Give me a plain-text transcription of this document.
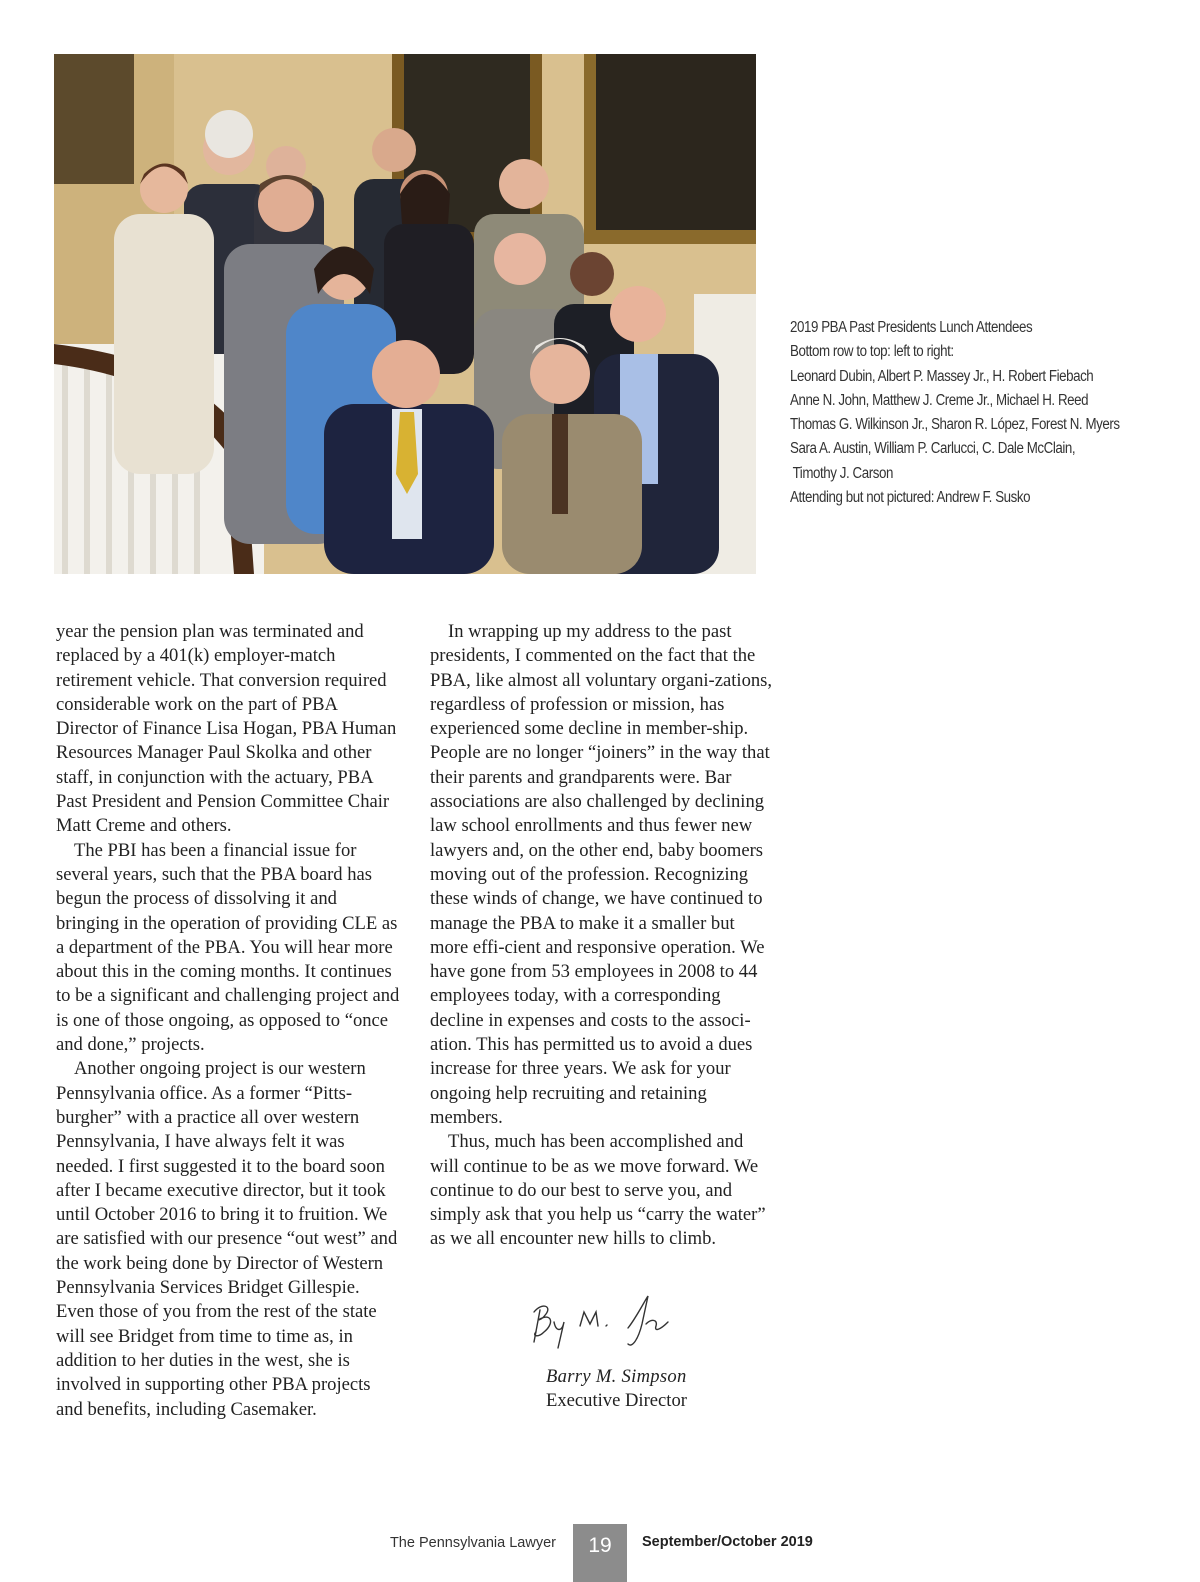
2019 PBA Past Presidents Lunch Attendees
Bottom row to top: left to right:
Leonard Dubin, Albert P. Massey Jr., H. Robert Fiebach
Anne N. John, Matthew J. Creme Jr., Michael H. Reed
Thomas G. Wilkinson Jr., Sharon R. López, Forest N. Myers
Sara A. Austin, William P. Carlucci, C. Dale McClain,
Timothy J. Carson
Attending but not pictured: Andrew F. Susko

year the pension plan was terminated and replaced by a 401(k) employer-match retirement vehicle. That conversion required considerable work on the part of PBA Director of Finance Lisa Hogan, PBA Human Resources Manager Paul Skolka and other staff, in conjunction with the actuary, PBA Past President and Pension Committee Chair Matt Creme and others.

The PBI has been a financial issue for several years, such that the PBA board has begun the process of dissolving it and bringing in the operation of providing CLE as a department of the PBA. You will hear more about this in the coming months. It continues to be a significant and challenging project and is one of those ongoing, as opposed to “once and done,” projects.

Another ongoing project is our western Pennsylvania office. As a former “Pitts-burgher” with a practice all over western Pennsylvania, I have always felt it was needed. I first suggested it to the board soon after I became executive director, but it took until October 2016 to bring it to fruition. We are satisfied with our presence “out west” and the work being done by Director of Western Pennsylvania Services Bridget Gillespie. Even those of you from the rest of the state will see Bridget from time to time as, in addition to her duties in the west, she is involved in supporting other PBA projects and benefits, including Casemaker.

In wrapping up my address to the past presidents, I commented on the fact that the PBA, like almost all voluntary organi-zations, regardless of profession or mission, has experienced some decline in member-ship. People are no longer “joiners” in the way that their parents and grandparents were. Bar associations are also challenged by declining law school enrollments and thus fewer new lawyers and, on the other end, baby boomers moving out of the profession. Recognizing these winds of change, we have continued to manage the PBA to make it a smaller but more effi-cient and responsive operation. We have gone from 53 employees in 2008 to 44 employees today, with a corresponding decline in expenses and costs to the associ-ation. This has permitted us to avoid a dues increase for three years. We ask for your ongoing help recruiting and retaining members.

Thus, much has been accomplished and will continue to be as we move forward. We continue to do our best to serve you, and simply ask that you help us “carry the water” as we all encounter new hills to climb.

Barry M. Simpson
Executive Director
The Pennsylvania Lawyer	19	September/October 2019
